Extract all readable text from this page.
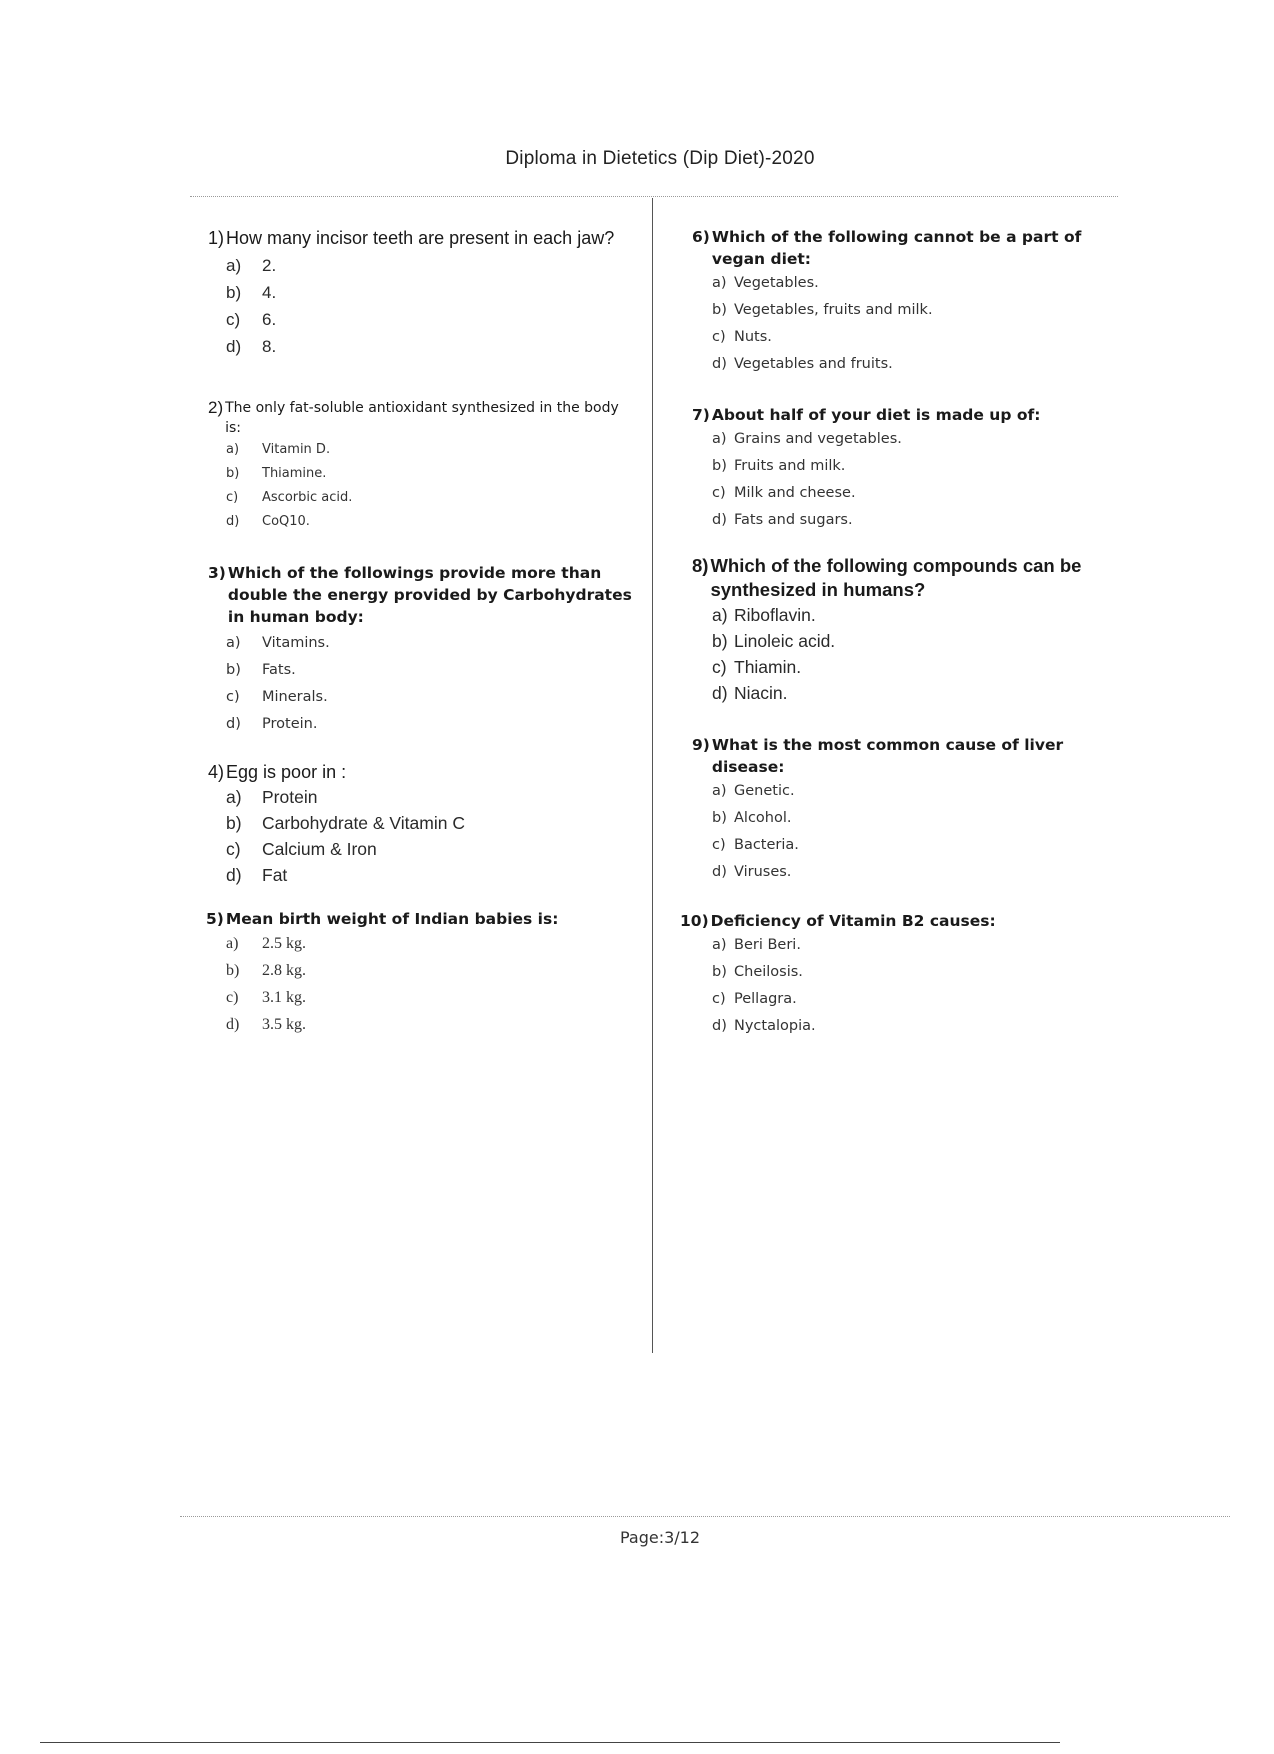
Diploma in Dietetics (Dip Diet)-2020
1) How many incisor teeth are present in each jaw?
a)	2.
b)	4.
c)	6.
d)	8.
2) The only fat-soluble antioxidant synthesized in the body is:
a)	Vitamin D.
b)	Thiamine.
c)	Ascorbic acid.
d)	CoQ10.
3) Which of the followings provide more than double the energy provided by Carbohydrates in human body:
a)	Vitamins.
b)	Fats.
c)	Minerals.
d)	Protein.
4) Egg is poor in :
a)	Protein
b)	Carbohydrate & Vitamin C
c)	Calcium & Iron
d)	Fat
5) Mean birth weight of Indian babies is:
a)	2.5 kg.
b)	2.8 kg.
c)	3.1 kg.
d)	3.5 kg.
6) Which of the following cannot be a part of vegan diet:
a) Vegetables.
b) Vegetables, fruits and milk.
c) Nuts.
d) Vegetables and fruits.
7) About half of your diet is made up of:
a) Grains and vegetables.
b) Fruits and milk.
c) Milk and cheese.
d) Fats and sugars.
8) Which of the following compounds can be synthesized in humans?
a) Riboflavin.
b) Linoleic acid.
c) Thiamin.
d) Niacin.
9) What is the most common cause of liver disease:
a) Genetic.
b) Alcohol.
c) Bacteria.
d) Viruses.
10) Deficiency of Vitamin B2 causes:
a) Beri Beri.
b) Cheilosis.
c) Pellagra.
d) Nyctalopia.
Page:3/12
